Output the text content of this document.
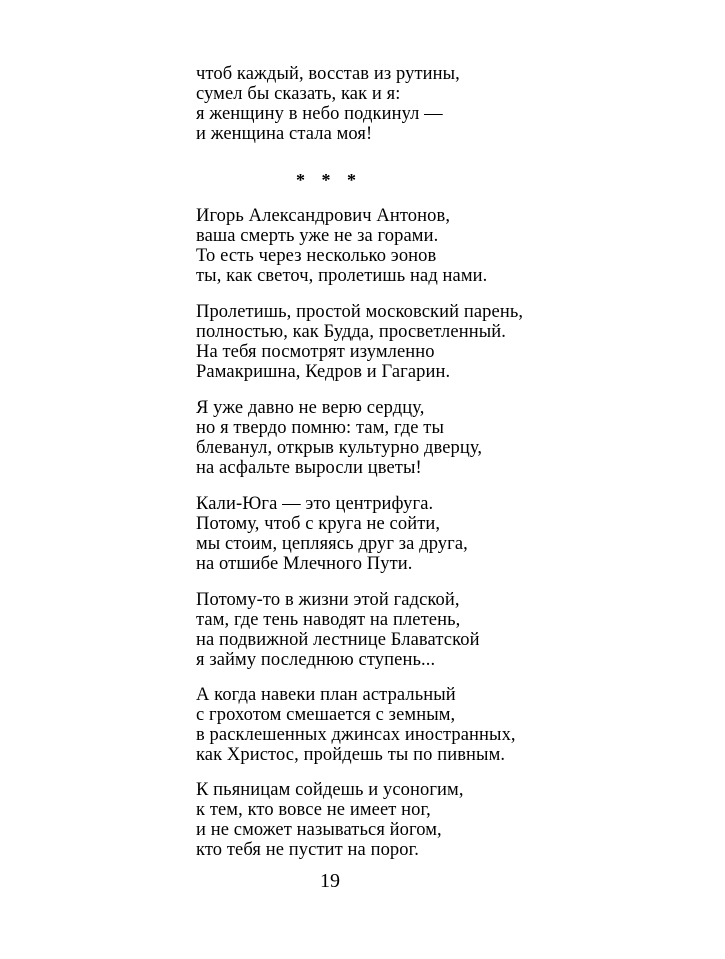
чтоб каждый, восстав из рутины,
сумел бы сказать, как и я:
я женщину в небо подкинул —
и женщина стала моя!
* * *
Игорь Александрович Антонов,
ваша смерть уже не за горами.
То есть через несколько эонов
ты, как светоч, пролетишь над нами.
Пролетишь, простой московский парень,
полностью, как Будда, просветленный.
На тебя посмотрят изумленно
Рамакришна, Кедров и Гагарин.
Я уже давно не верю сердцу,
но я твердо помню: там, где ты
блеванул, открыв культурно дверцу,
на асфальте выросли цветы!
Кали-Юга — это центрифуга.
Потому, чтоб с круга не сойти,
мы стоим, цепляясь друг за друга,
на отшибе Млечного Пути.
Потому-то в жизни этой гадской,
там, где тень наводят на плетень,
на подвижной лестнице Блаватской
я займу последнюю ступень...
А когда навеки план астральный
с грохотом смешается с земным,
в расклешенных джинсах иностранных,
как Христос, пройдешь ты по пивным.
К пьяницам сойдешь и усоногим,
к тем, кто вовсе не имеет ног,
и не сможет называться йогом,
кто тебя не пустит на порог.
19
